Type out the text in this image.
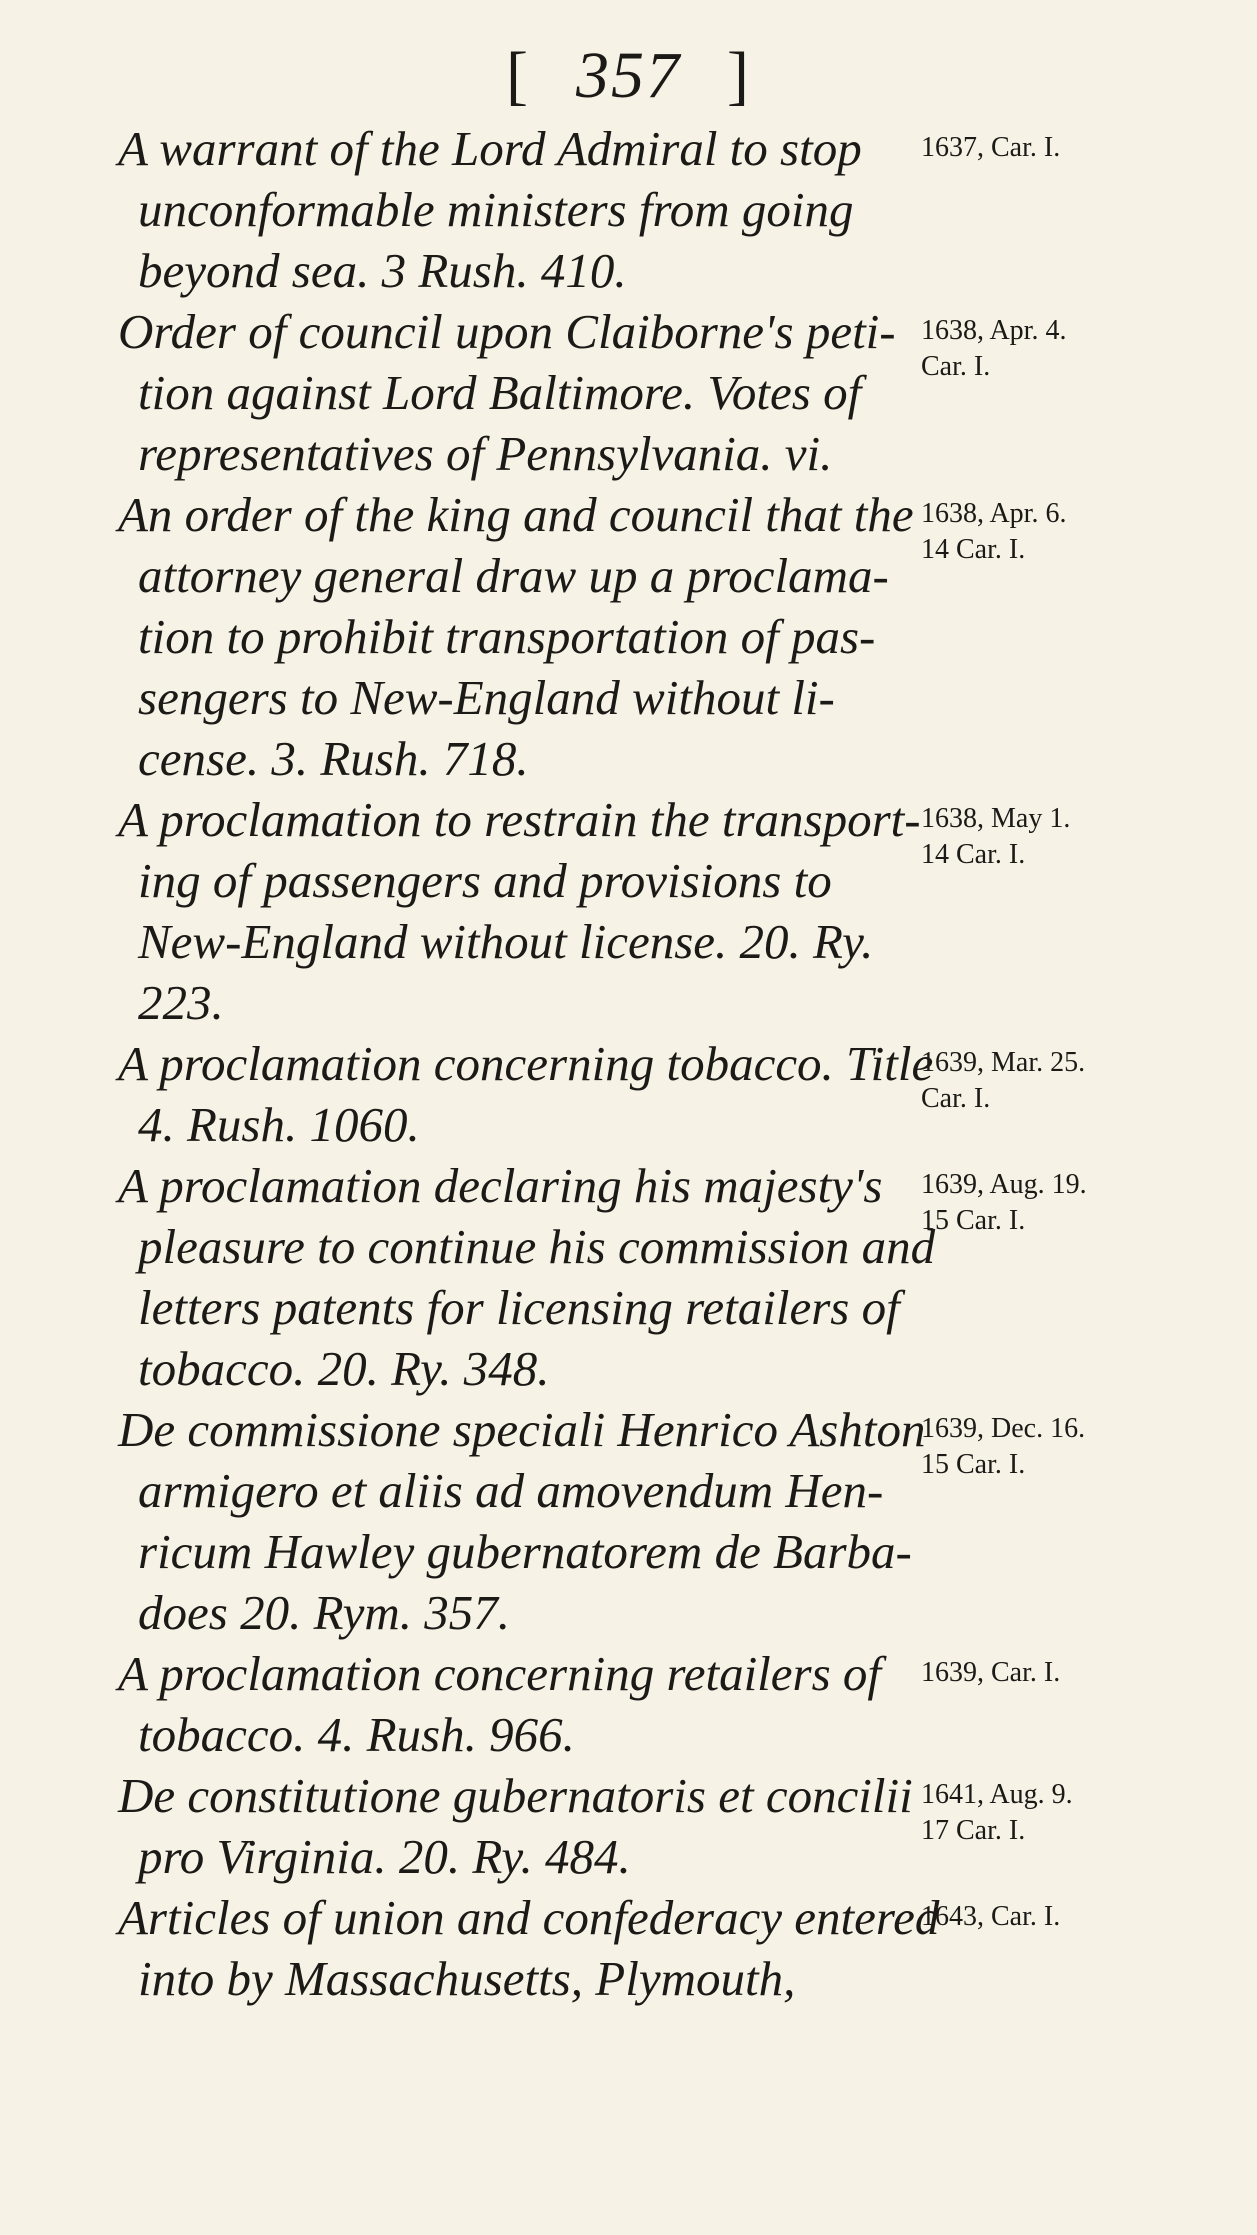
[ 357 ]
A warrant of the Lord Admiral to stop
unconformable ministers from going
beyond sea. 3 Rush. 410.
1637, Car. I.
Order of council upon Claiborne's peti-
tion against Lord Baltimore. Votes of
representatives of Pennsylvania. vi.
1638, Apr. 4.
Car. I.
An order of the king and council that the
attorney general draw up a proclama-
tion to prohibit transportation of pas-
sengers to New-England without li-
cense. 3. Rush. 718.
1638, Apr. 6.
14 Car. I.
A proclamation to restrain the transport-
ing of passengers and provisions to
New-England without license. 20. Ry.
223.
1638, May 1.
14 Car. I.
A proclamation concerning tobacco. Title
4. Rush. 1060.
1639, Mar. 25.
Car. I.
A proclamation declaring his majesty's
pleasure to continue his commission and
letters patents for licensing retailers of
tobacco. 20. Ry. 348.
1639, Aug. 19.
15 Car. I.
De commissione speciali Henrico Ashton
armigero et aliis ad amovendum Hen-
ricum Hawley gubernatorem de Barba-
does 20. Rym. 357.
1639, Dec. 16.
15 Car. I.
A proclamation concerning retailers of
tobacco. 4. Rush. 966.
1639, Car. I.
De constitutione gubernatoris et concilii
pro Virginia. 20. Ry. 484.
1641, Aug. 9.
17 Car. I.
Articles of union and confederacy entered
into by Massachusetts, Plymouth,
1643, Car. I.
